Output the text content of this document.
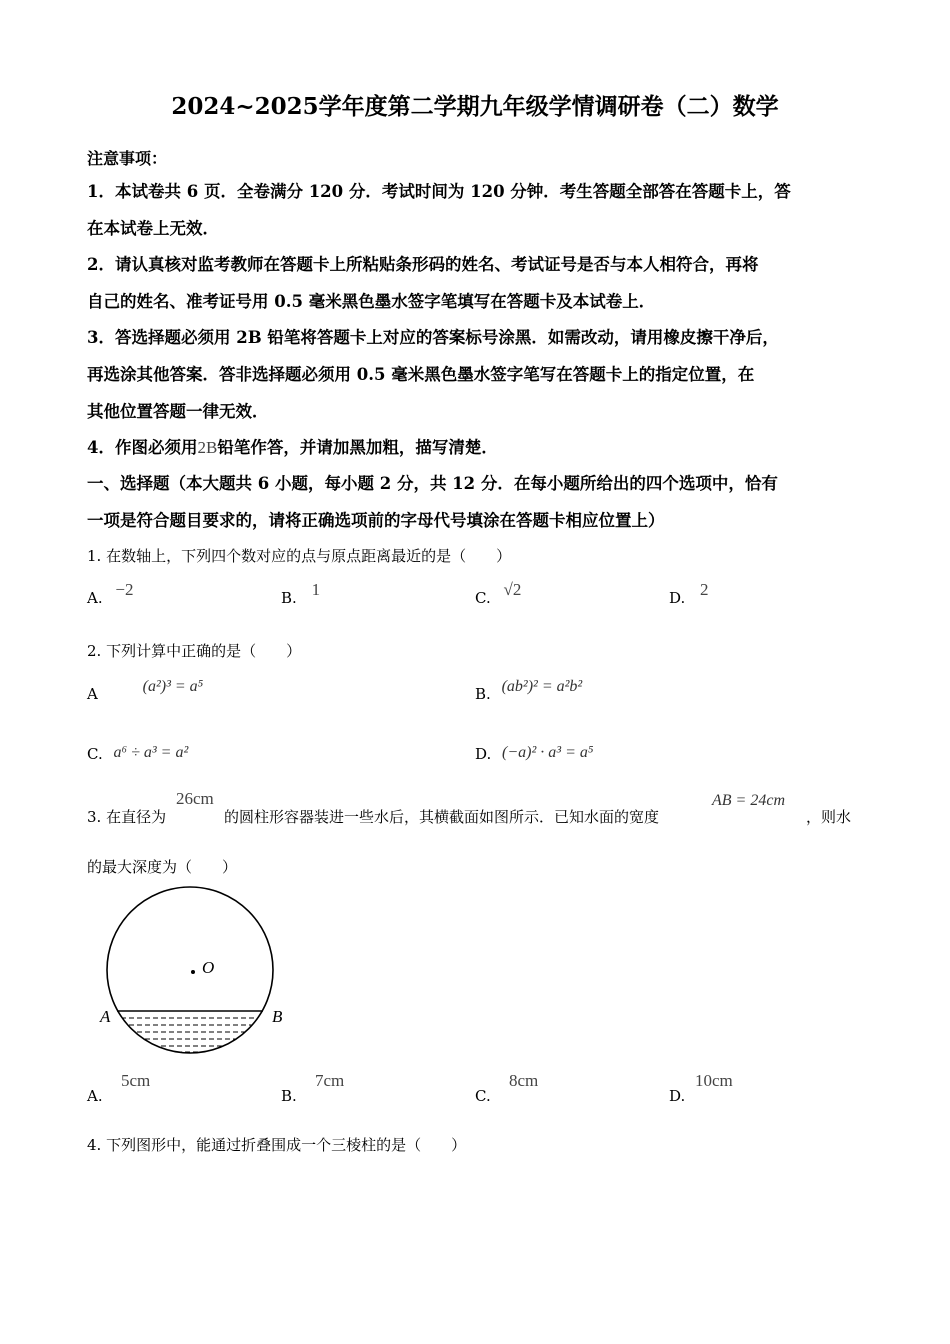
2024~2025学年度第二学期九年级学情调研卷（二）数学
注意事项：
1．本试卷共 6 页．全卷满分 120 分．考试时间为 120 分钟．考生答题全部答在答题卡上，答
在本试卷上无效．
2．请认真核对监考教师在答题卡上所粘贴条形码的姓名、考试证号是否与本人相符合，再将
自己的姓名、准考证号用 0.5 毫米黑色墨水签字笔填写在答题卡及本试卷上．
3．答选择题必须用 2B 铅笔将答题卡上对应的答案标号涂黑．如需改动，请用橡皮擦干净后，
再选涂其他答案．答非选择题必须用 0.5 毫米黑色墨水签字笔写在答题卡上的指定位置，在
其他位置答题一律无效．
4．作图必须用2B铅笔作答，并请加黑加粗，描写清楚．
一、选择题（本大题共 6 小题，每小题 2 分，共 12 分．在每小题所给出的四个选项中，恰有
一项是符合题目要求的，请将正确选项前的字母代号填涂在答题卡相应位置上）
1. 在数轴上，下列四个数对应的点与原点距离最近的是（　　）
A. −2	B. 1	C. √2	D. 2
2. 下列计算中正确的是（　　）
A	(a²)³ = a⁵	B. (ab²)² = a²b²
C. a⁶ ÷ a³ = a²	D. (−a)² · a³ = a⁵
3. 在直径为
26cm
的圆柱形容器装进一些水后，其横截面如图所示．已知水面的宽度
AB = 24cm
，则水
的最大深度为（　　）
O
A	B
A.
5cm
B.
7cm
C.
8cm
D.
10cm
4. 下列图形中，能通过折叠围成一个三棱柱的是（　　）
